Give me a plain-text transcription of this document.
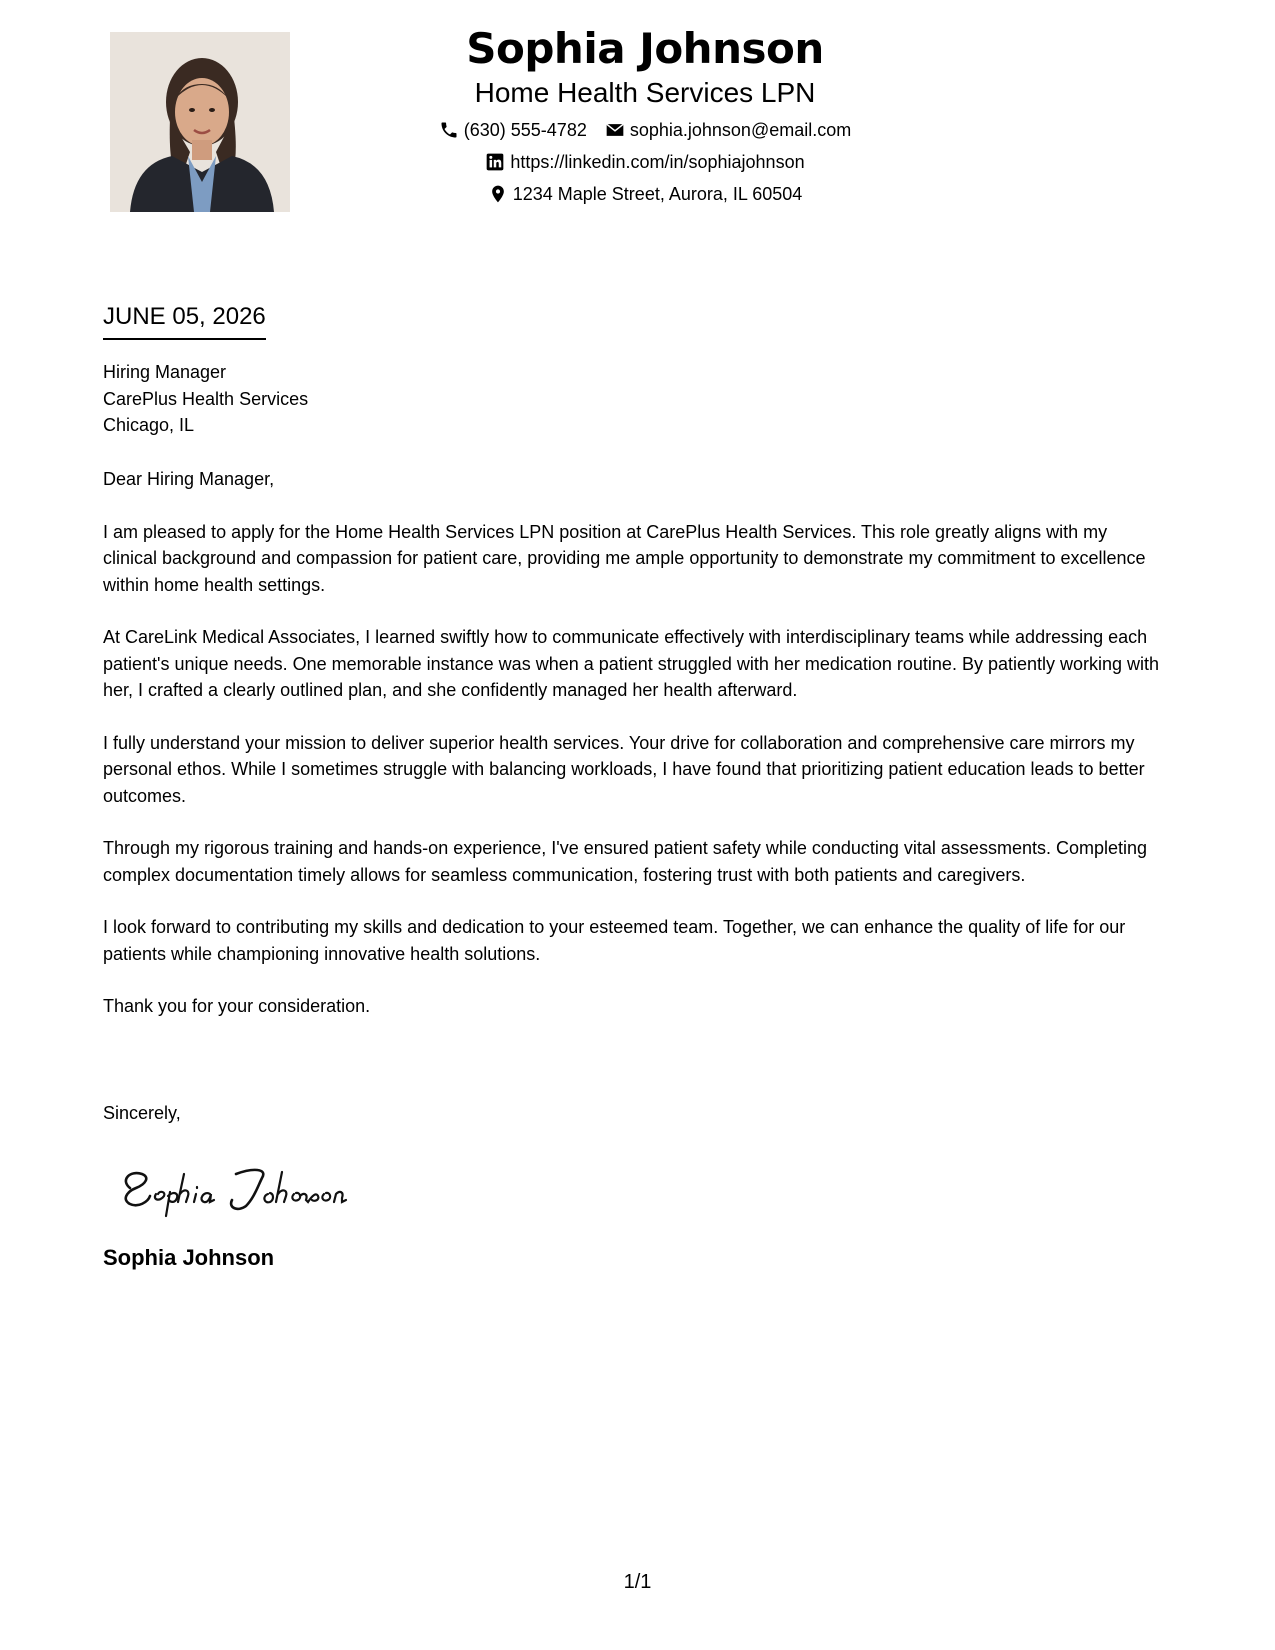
Sophia Johnson
Home Health Services LPN
(630) 555-4782 sophia.johnson@email.com
https://linkedin.com/in/sophiajohnson
1234 Maple Street, Aurora, IL 60504
JUNE 05, 2026
Hiring Manager
CarePlus Health Services
Chicago, IL

Dear Hiring Manager,

I am pleased to apply for the Home Health Services LPN position at CarePlus Health Services. This role greatly aligns with my clinical background and compassion for patient care, providing me ample opportunity to demonstrate my commitment to excellence within home health settings.

At CareLink Medical Associates, I learned swiftly how to communicate effectively with interdisciplinary teams while addressing each patient's unique needs. One memorable instance was when a patient struggled with her medication routine. By patiently working with her, I crafted a clearly outlined plan, and she confidently managed her health afterward.

I fully understand your mission to deliver superior health services. Your drive for collaboration and comprehensive care mirrors my personal ethos. While I sometimes struggle with balancing workloads, I have found that prioritizing patient education leads to better outcomes.

Through my rigorous training and hands-on experience, I've ensured patient safety while conducting vital assessments. Completing complex documentation timely allows for seamless communication, fostering trust with both patients and caregivers.

I look forward to contributing my skills and dedication to your esteemed team. Together, we can enhance the quality of life for our patients while championing innovative health solutions.

Thank you for your consideration.

Sincerely,
Sophia Johnson
1/1
